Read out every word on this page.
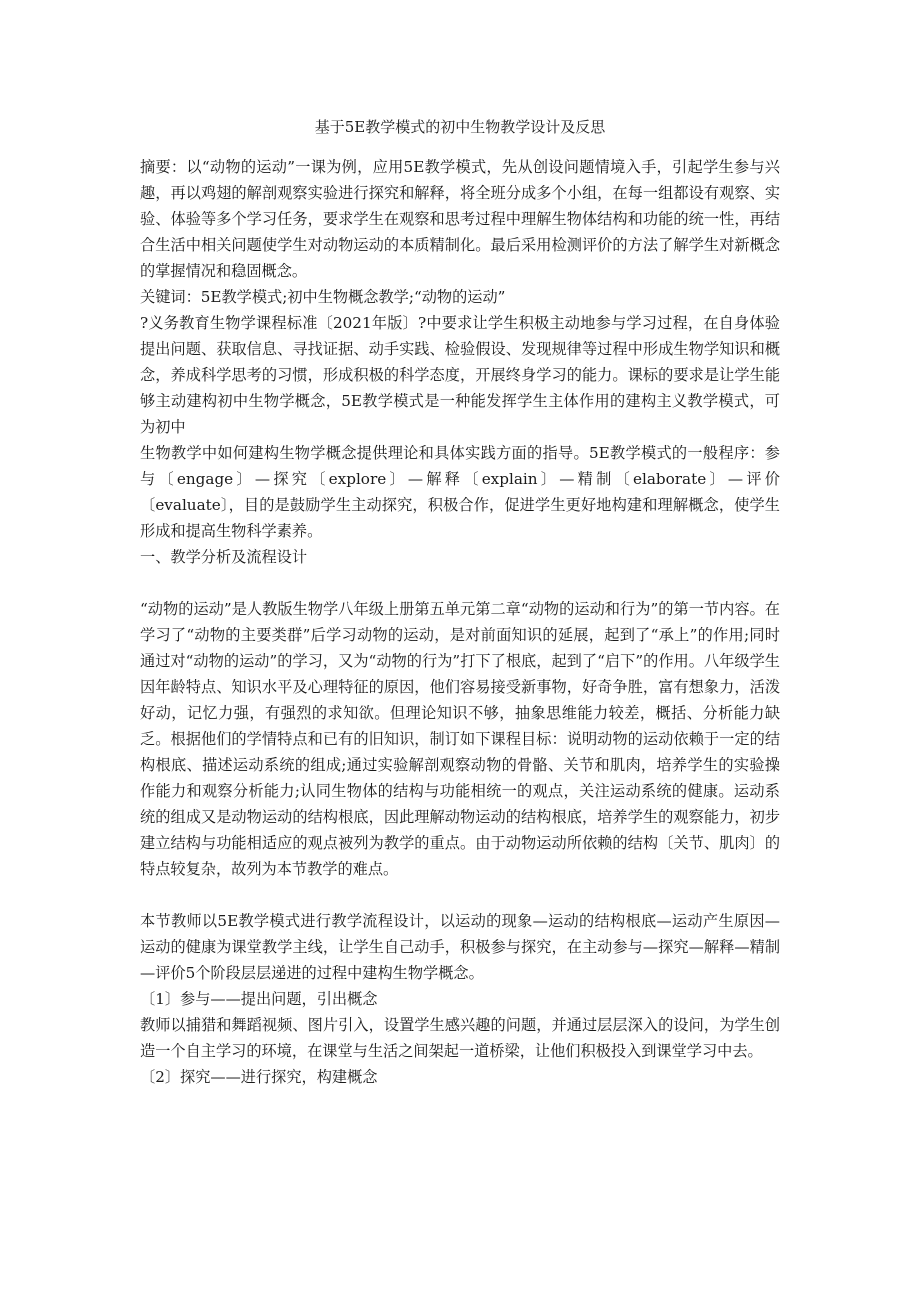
基于5E教学模式的初中生物教学设计及反思

摘要：以“动物的运动”一课为例，应用5E教学模式，先从创设问题情境入手，引起学生参与兴趣，再以鸡翅的解剖观察实验进行探究和解释，将全班分成多个小组，在每一组都设有观察、实验、体验等多个学习任务，要求学生在观察和思考过程中理解生物体结构和功能的统一性，再结合生活中相关问题使学生对动物运动的本质精制化。最后采用检测评价的方法了解学生对新概念的掌握情况和稳固概念。

关键词：5E教学模式;初中生物概念教学;“动物的运动”

?义务教育生物学课程标准〔2021年版〕?中要求让学生积极主动地参与学习过程，在自身体验提出问题、获取信息、寻找证据、动手实践、检验假设、发现规律等过程中形成生物学知识和概念，养成科学思考的习惯，形成积极的科学态度，开展终身学习的能力。课标的要求是让学生能够主动建构初中生物学概念，5E教学模式是一种能发挥学生主体作用的建构主义教学模式，可为初中

生物教学中如何建构生物学概念提供理论和具体实践方面的指导。5E教学模式的一般程序：参与〔engage〕—探究〔explore〕—解释〔explain〕—精制〔elaborate〕—评价〔evaluate〕，目的是鼓励学生主动探究，积极合作，促进学生更好地构建和理解概念，使学生形成和提高生物科学素养。

一、教学分析及流程设计

“动物的运动”是人教版生物学八年级上册第五单元第二章“动物的运动和行为”的第一节内容。在学习了“动物的主要类群”后学习动物的运动，是对前面知识的延展，起到了“承上”的作用;同时通过对“动物的运动”的学习，又为“动物的行为”打下了根底，起到了“启下”的作用。八年级学生因年龄特点、知识水平及心理特征的原因，他们容易接受新事物，好奇争胜，富有想象力，活泼好动，记忆力强，有强烈的求知欲。但理论知识不够，抽象思维能力较差，概括、分析能力缺乏。根据他们的学情特点和已有的旧知识，制订如下课程目标：说明动物的运动依赖于一定的结构根底、描述运动系统的组成;通过实验解剖观察动物的骨骼、关节和肌肉，培养学生的实验操作能力和观察分析能力;认同生物体的结构与功能相统一的观点，关注运动系统的健康。运动系统的组成又是动物运动的结构根底，因此理解动物运动的结构根底，培养学生的观察能力，初步建立结构与功能相适应的观点被列为教学的重点。由于动物运动所依赖的结构〔关节、肌肉〕的特点较复杂，故列为本节教学的难点。

本节教师以5E教学模式进行教学流程设计，以运动的现象—运动的结构根底—运动产生原因—运动的健康为课堂教学主线，让学生自己动手，积极参与探究，在主动参与—探究—解释—精制—评价5个阶段层层递进的过程中建构生物学概念。

〔1〕参与——提出问题，引出概念

教师以捕猎和舞蹈视频、图片引入，设置学生感兴趣的问题，并通过层层深入的设问，为学生创造一个自主学习的环境，在课堂与生活之间架起一道桥梁，让他们积极投入到课堂学习中去。

〔2〕探究——进行探究，构建概念
